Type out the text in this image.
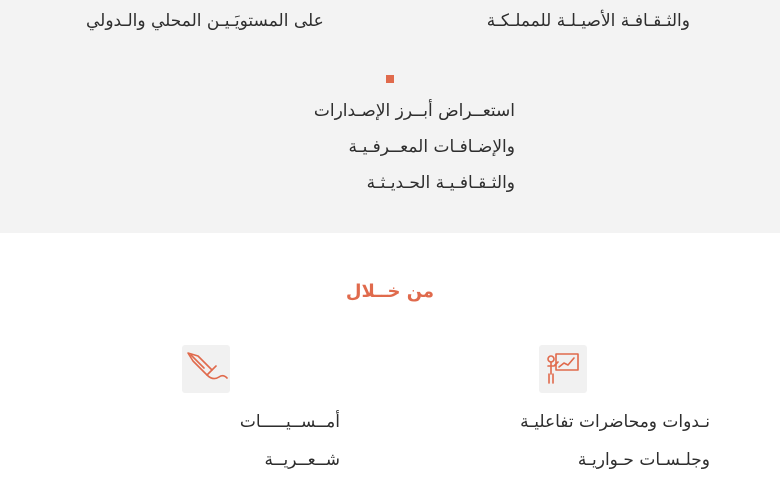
والثـقـافـة الأصيـلـة للمملـكـة

على المستويَـيـن المحلي والـدولي

استعــراض أبــرز الإصـدارات
والإضـافـات المعــرفـيـة
والثـقـافـيـة الحـديـثـة
من خــلال
نـدوات ومحاضرات تفاعليـة
وجلـسـات حـواريـة
أمــســيـــــات
شــعــريــة
